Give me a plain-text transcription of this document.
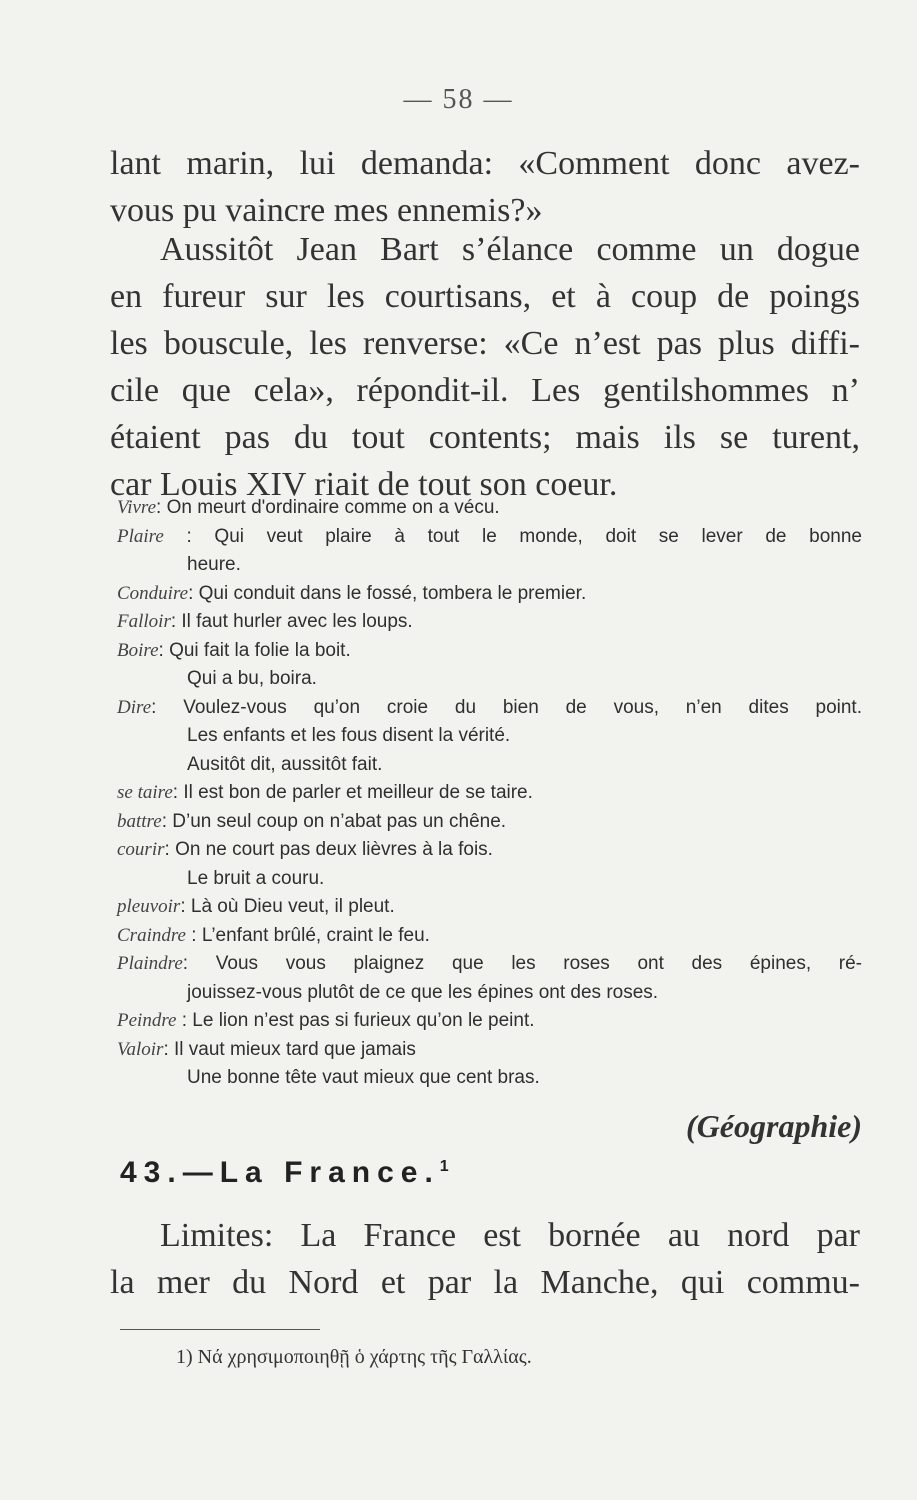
— 58 —
lant marin, lui demanda: «Comment donc avez-
vous pu vaincre mes ennemis?»
Aussitôt Jean Bart s’élance comme un dogue
en fureur sur les courtisans, et à coup de poings
les bouscule, les renverse: «Ce n’est pas plus diffi-
cile que cela», répondit-il. Les gentilshommes n’
étaient pas du tout contents; mais ils se turent,
car Louis XIV riait de tout son coeur.
Vivre: On meurt d'ordinaire comme on a vécu.
Plaire : Qui veut plaire à tout le monde, doit se lever de bonne
heure.
Conduire: Qui conduit dans le fossé, tombera le premier.
Falloir: Il faut hurler avec les loups.
Boire: Qui fait la folie la boit.
Qui a bu, boira.
Dire: Voulez-vous qu’on croie du bien de vous, n’en dites point.
Les enfants et les fous disent la vérité.
Ausitôt dit, aussitôt fait.
se taire: Il est bon de parler et meilleur de se taire.
battre: D’un seul coup on n’abat pas un chêne.
courir: On ne court pas deux lièvres à la fois.
Le bruit a couru.
pleuvoir: Là où Dieu veut, il pleut.
Craindre : L’enfant brûlé, craint le feu.
Plaindre: Vous vous plaignez que les roses ont des épines, ré-
jouissez-vous plutôt de ce que les épines ont des roses.
Peindre : Le lion n’est pas si furieux qu’on le peint.
Valoir: Il vaut mieux tard que jamais
Une bonne tête vaut mieux que cent bras.
(Géographie)
43.—La France.$^1$
Limites: La France est bornée au nord par
la mer du Nord et par la Manche, qui commu-
1) Νά χρησιμοποιηθῇ ὁ χάρτης τῆς Γαλλίας.
